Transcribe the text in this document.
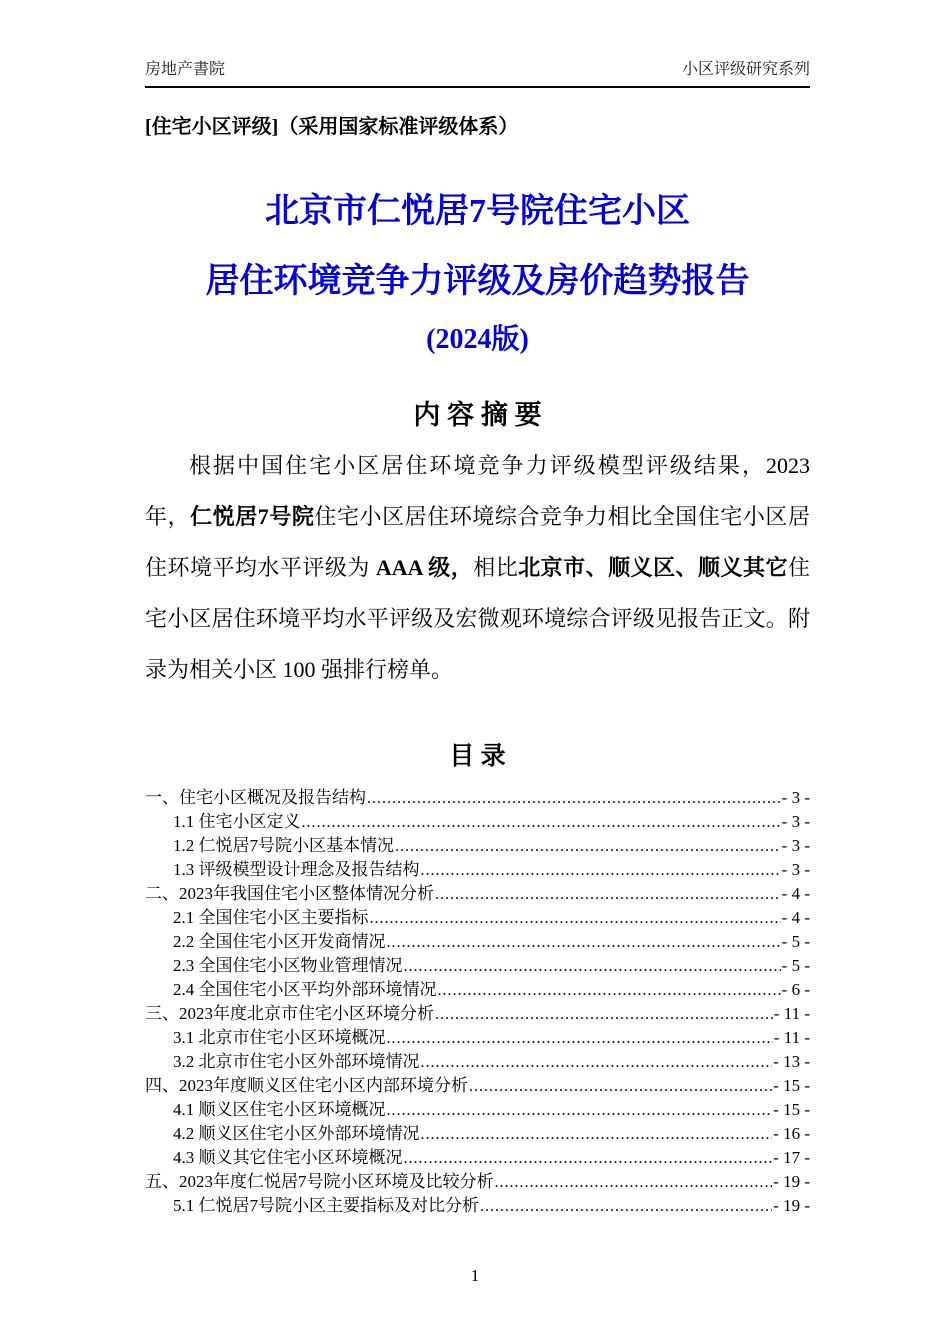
房地产書院	小区评级研究系列
[住宅小区评级]（采用国家标准评级体系）
北京市仁悦居7号院住宅小区
居住环境竞争力评级及房价趋势报告
(2024版)
内 容 摘 要

根据中国住宅小区居住环境竞争力评级模型评级结果，2023 年，仁悦居7号院住宅小区居住环境综合竞争力相比全国住宅小区居住环境平均水平评级为 AAA 级，相比北京市、顺义区、顺义其它住宅小区居住环境平均水平评级及宏微观环境综合评级见报告正文。附录为相关小区 100 强排行榜单。

目 录
一、住宅小区概况及报告结构 .....	- 3 -
1.1 住宅小区定义 .....	- 3 -
1.2 仁悦居7号院小区基本情况 .....	- 3 -
1.3 评级模型设计理念及报告结构 .....	- 3 -
二、2023年我国住宅小区整体情况分析 .....	- 4 -
2.1 全国住宅小区主要指标 .....	- 4 -
2.2 全国住宅小区开发商情况 .....	- 5 -
2.3 全国住宅小区物业管理情况 .....	- 5 -
2.4 全国住宅小区平均外部环境情况 .....	- 6 -
三、2023年度北京市住宅小区环境分析 .....	- 11 -
3.1 北京市住宅小区环境概况 .....	- 11 -
3.2 北京市住宅小区外部环境情况 .....	- 13 -
四、2023年度顺义区住宅小区内部环境分析 .....	- 15 -
4.1 顺义区住宅小区环境概况 .....	- 15 -
4.2 顺义区住宅小区外部环境情况 .....	- 16 -
4.3 顺义其它住宅小区环境概况 .....	- 17 -
五、2023年度仁悦居7号院小区环境及比较分析 .....	- 19 -
5.1 仁悦居7号院小区主要指标及对比分析 .....	- 19 -
1
